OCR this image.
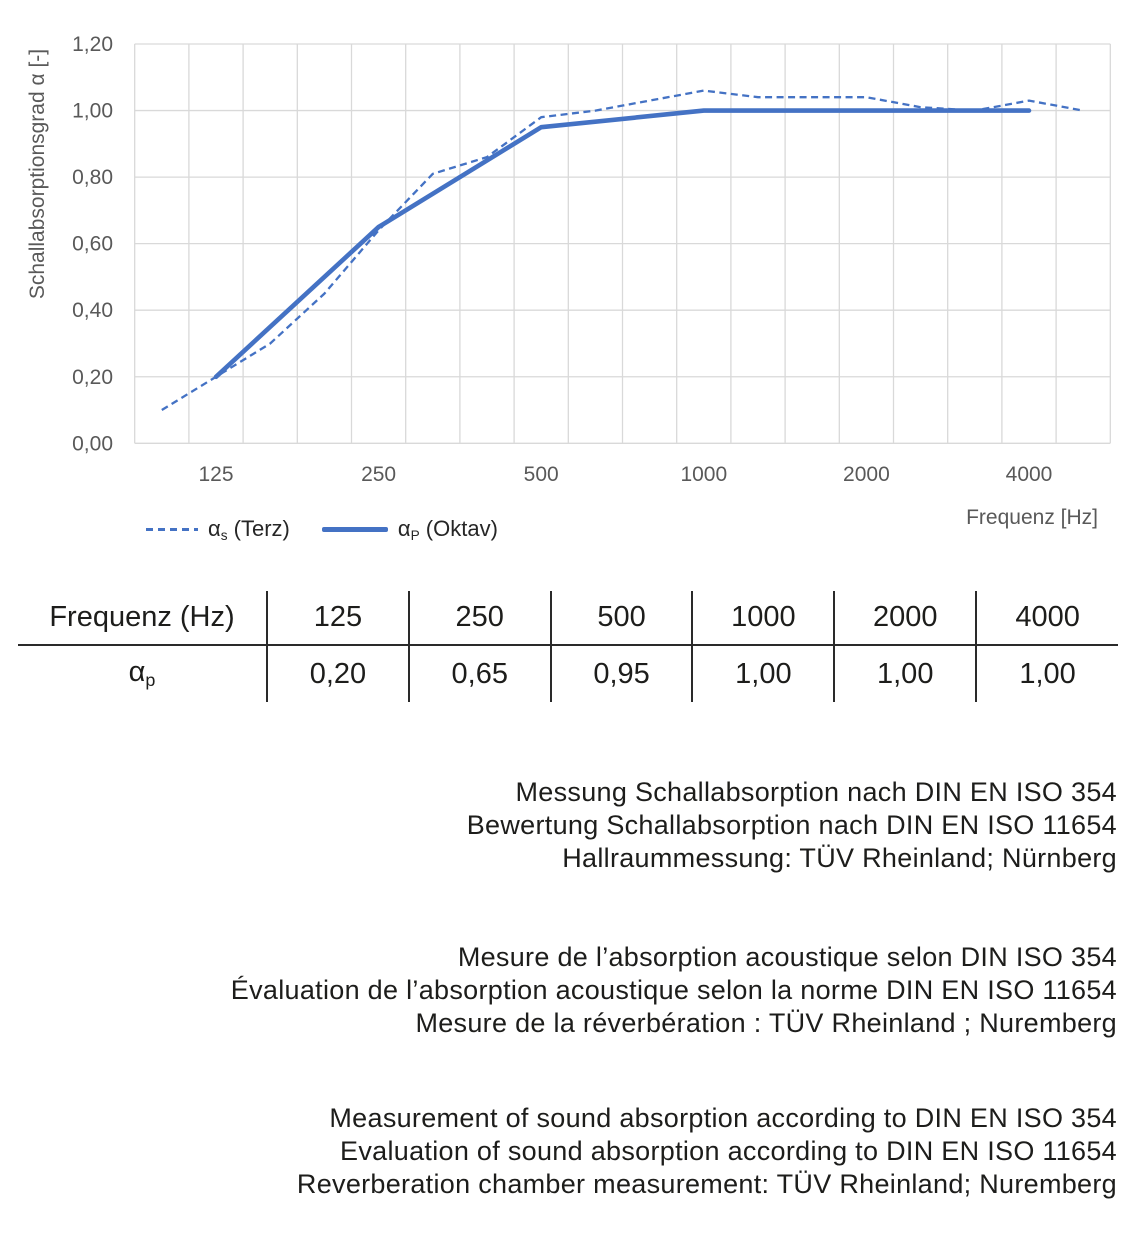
1,20
1,00
0,80
0,60
0,40
0,20
0,00
125	250	500	1000	2000	4000
Schallabsorptionsgrad α [-]
Frequenz [Hz]
$\alpha_s$ (Terz)	$\alpha_P$ (Oktav)
Frequenz (Hz)	125	250	500	1000	2000	4000
$\alpha_p$	0,20	0,65	0,95	1,00	1,00	1,00
Messung Schallabsorption nach DIN EN ISO 354
Bewertung Schallabsorption nach DIN EN ISO 11654
Hallraummessung: TÜV Rheinland; Nürnberg
Mesure de l’absorption acoustique selon DIN ISO 354
Évaluation de l’absorption acoustique selon la norme DIN EN ISO 11654
Mesure de la réverbération : TÜV Rheinland ; Nuremberg
Measurement of sound absorption according to DIN EN ISO 354
Evaluation of sound absorption according to DIN EN ISO 11654
Reverberation chamber measurement: TÜV Rheinland; Nuremberg
